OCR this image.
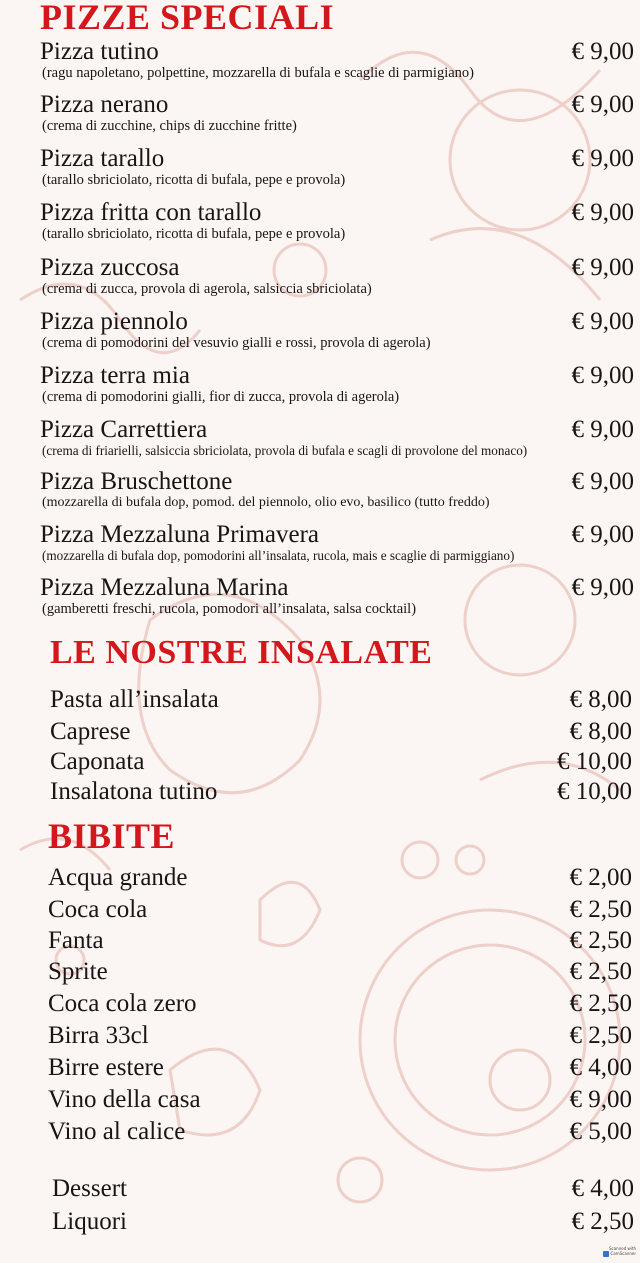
PIZZE SPECIALI
Pizza tutino	€ 9,00
(ragu napoletano, polpettine, mozzarella di bufala e scaglie di parmigiano)
Pizza nerano	€ 9,00
(crema di zucchine, chips di zucchine fritte)
Pizza tarallo	€ 9,00
(tarallo sbriciolato, ricotta di bufala, pepe e provola)
Pizza fritta con tarallo	€ 9,00
(tarallo sbriciolato, ricotta di bufala, pepe e provola)
Pizza zuccosa	€ 9,00
(crema di zucca, provola di agerola, salsiccia sbriciolata)
Pizza piennolo	€ 9,00
(crema di pomodorini del vesuvio gialli e rossi, provola di agerola)
Pizza terra mia	€ 9,00
(crema di pomodorini gialli, fior di zucca, provola di agerola)
Pizza Carrettiera	€ 9,00
(crema di friarielli, salsiccia sbriciolata, provola di bufala e scagli di provolone del monaco)
Pizza Bruschettone	€ 9,00
(mozzarella di bufala dop, pomod. del piennolo, olio evo, basilico (tutto freddo)
Pizza Mezzaluna Primavera	€ 9,00
(mozzarella di bufala dop, pomodorini all’insalata, rucola, mais e scaglie di parmiggiano)
Pizza Mezzaluna Marina	€ 9,00
(gamberetti freschi, rucola, pomodori all’insalata, salsa cocktail)
LE NOSTRE INSALATE
Pasta all’insalata	€ 8,00
Caprese	€ 8,00
Caponata	€ 10,00
Insalatona tutino	€ 10,00
BIBITE
Acqua grande	€ 2,00
Coca cola	€ 2,50
Fanta	€ 2,50
Sprite	€ 2,50
Coca cola zero	€ 2,50
Birra 33cl	€ 2,50
Birre estere	€ 4,00
Vino della casa	€ 9,00
Vino al calice	€ 5,00
Dessert	€ 4,00
Liquori	€ 2,50
Scanned with
CamScanner
